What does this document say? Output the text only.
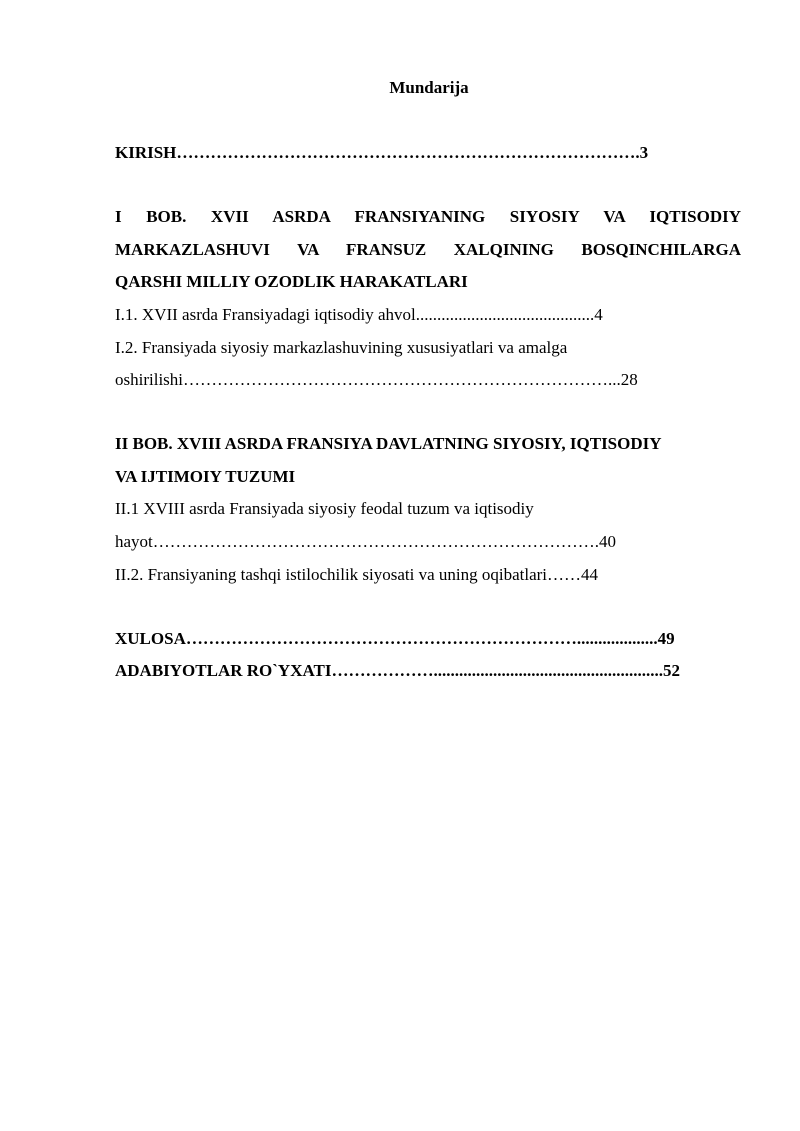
Mundarija
KIRISH……………………………………………………………………….3
I BOB. XVII ASRDA FRANSIYANING SIYOSIY VA IQTISODIY
MARKAZLASHUVI VA FRANSUZ XALQINING BOSQINCHILARGA
QARSHI MILLIY OZODLIK HARAKATLARI
I.1. XVII asrda Fransiyadagi iqtisodiy ahvol..........................................4
I.2. Fransiyada siyosiy markazlashuvining xususiyatlari va amalga
oshirilishi…………………………………………………………………...28
II BOB. XVIII ASRDA FRANSIYA DAVLATNING SIYOSIY, IQTISODIY
VA IJTIMOIY TUZUMI
II.1 XVIII asrda Fransiyada siyosiy feodal tuzum va iqtisodiy
hayot…………………………………………………………………….40
II.2. Fransiyaning tashqi istilochilik siyosati va uning oqibatlari……44
XULOSA……………………………………………………………...................49
ADABIYOTLAR RO`YXATI………………......................................................52
